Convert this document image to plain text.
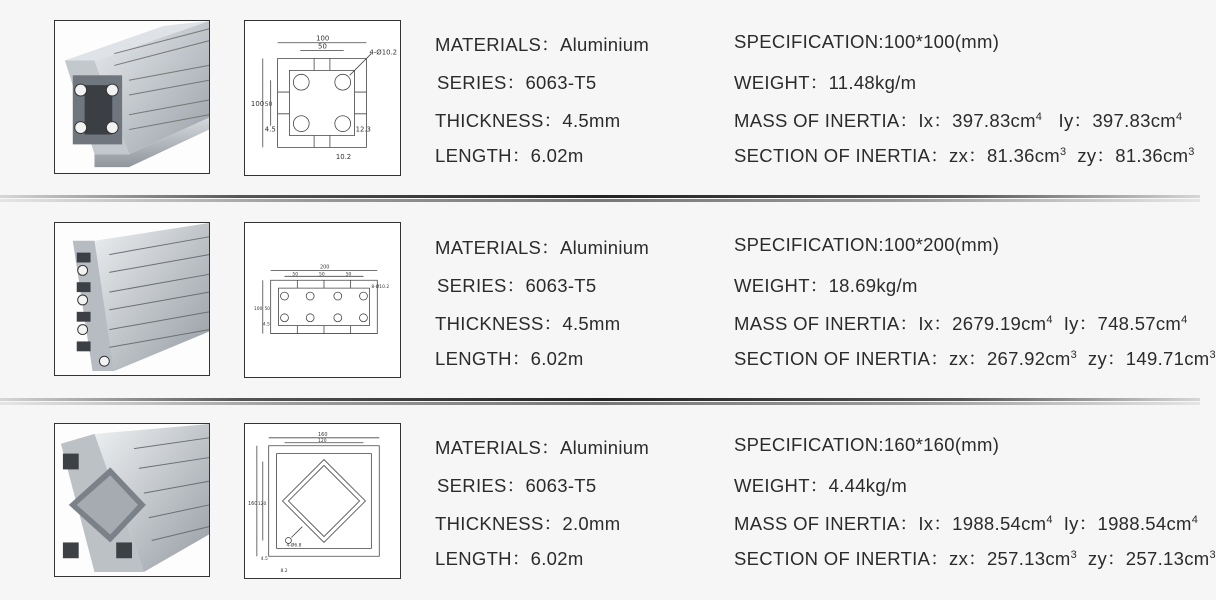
100
50
4-Ø10.2
100 50
4.5	12.3
10.2
MATERIALS：Aluminium
SERIES：6063-T5
THICKNESS：4.5mm
LENGTH：6.02m
SPECIFICATION:100*100(mm)
WEIGHT：11.48kg/m
MASS OF INERTIA：Ix：$397.83cm^4$ Iy：$397.83cm^4$
SECTION OF INERTIA：zx：$81.36cm^3$ zy：$81.36cm^3$
200
50	50	50
8-Ø10.2
100 50
4.5
MATERIALS：Aluminium
SERIES：6063-T5
THICKNESS：4.5mm
LENGTH：6.02m
SPECIFICATION:100*200(mm)
WEIGHT：18.69kg/m
MASS OF INERTIA：Ix：$2679.19cm^4$ Iy：$748.57cm^4$
SECTION OF INERTIA：zx：$267.92cm^3$ zy：$149.71cm^3$
160
120
160 120
4-Ø6.8
4.5
8.2
MATERIALS：Aluminium
SERIES：6063-T5
THICKNESS：2.0mm
LENGTH：6.02m
SPECIFICATION:160*160(mm)
WEIGHT：4.44kg/m
MASS OF INERTIA：Ix：$1988.54cm^4$ Iy：$1988.54cm^4$
SECTION OF INERTIA：zx：$257.13cm^3$ zy：$257.13cm^3$
